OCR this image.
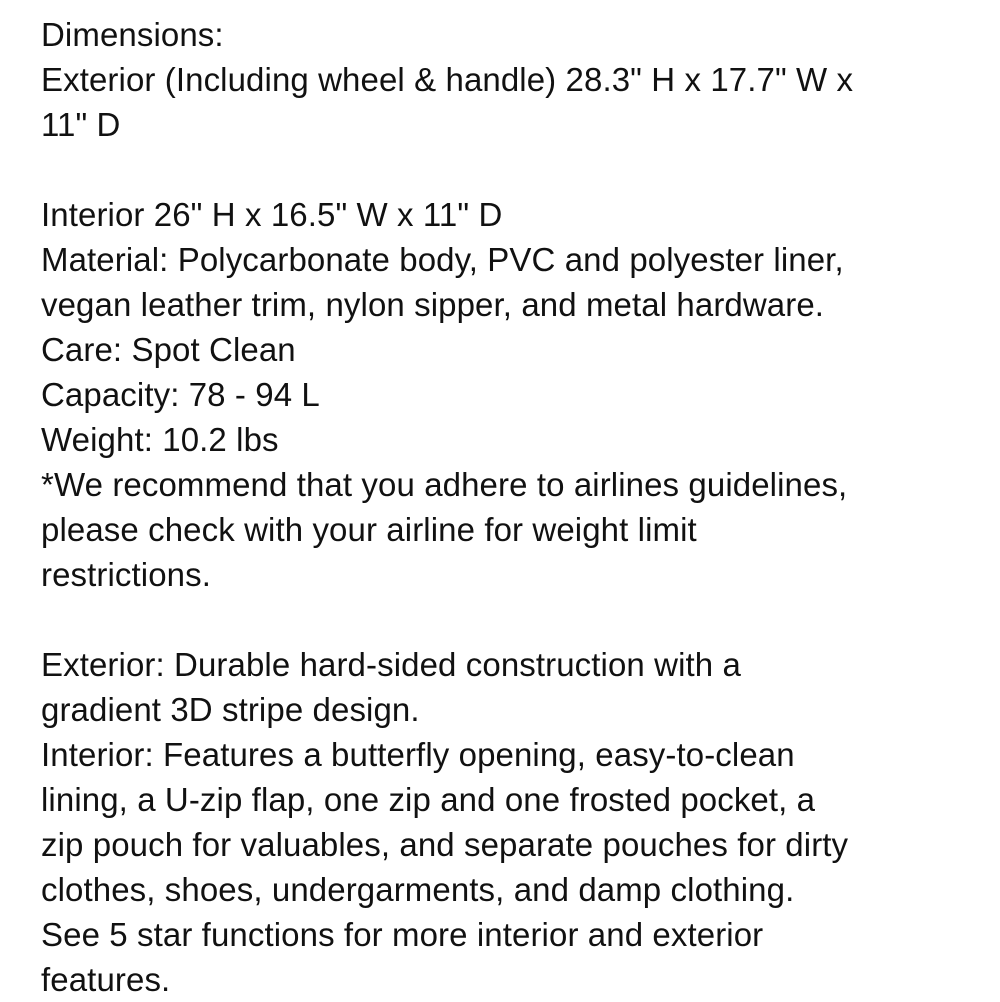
Dimensions:
Exterior (Including wheel & handle) 28.3" H x 17.7" W x
11" D
Interior 26" H x 16.5" W x 11" D
Material: Polycarbonate body, PVC and polyester liner,
vegan leather trim, nylon sipper, and metal hardware.
Care: Spot Clean
Capacity: 78 - 94 L
Weight: 10.2 lbs
*We recommend that you adhere to airlines guidelines,
please check with your airline for weight limit
restrictions.
Exterior: Durable hard-sided construction with a
gradient 3D stripe design.
Interior: Features a butterfly opening, easy-to-clean
lining, a U-zip flap, one zip and one frosted pocket, a
zip pouch for valuables, and separate pouches for dirty
clothes, shoes, undergarments, and damp clothing.
See 5 star functions for more interior and exterior
features.
